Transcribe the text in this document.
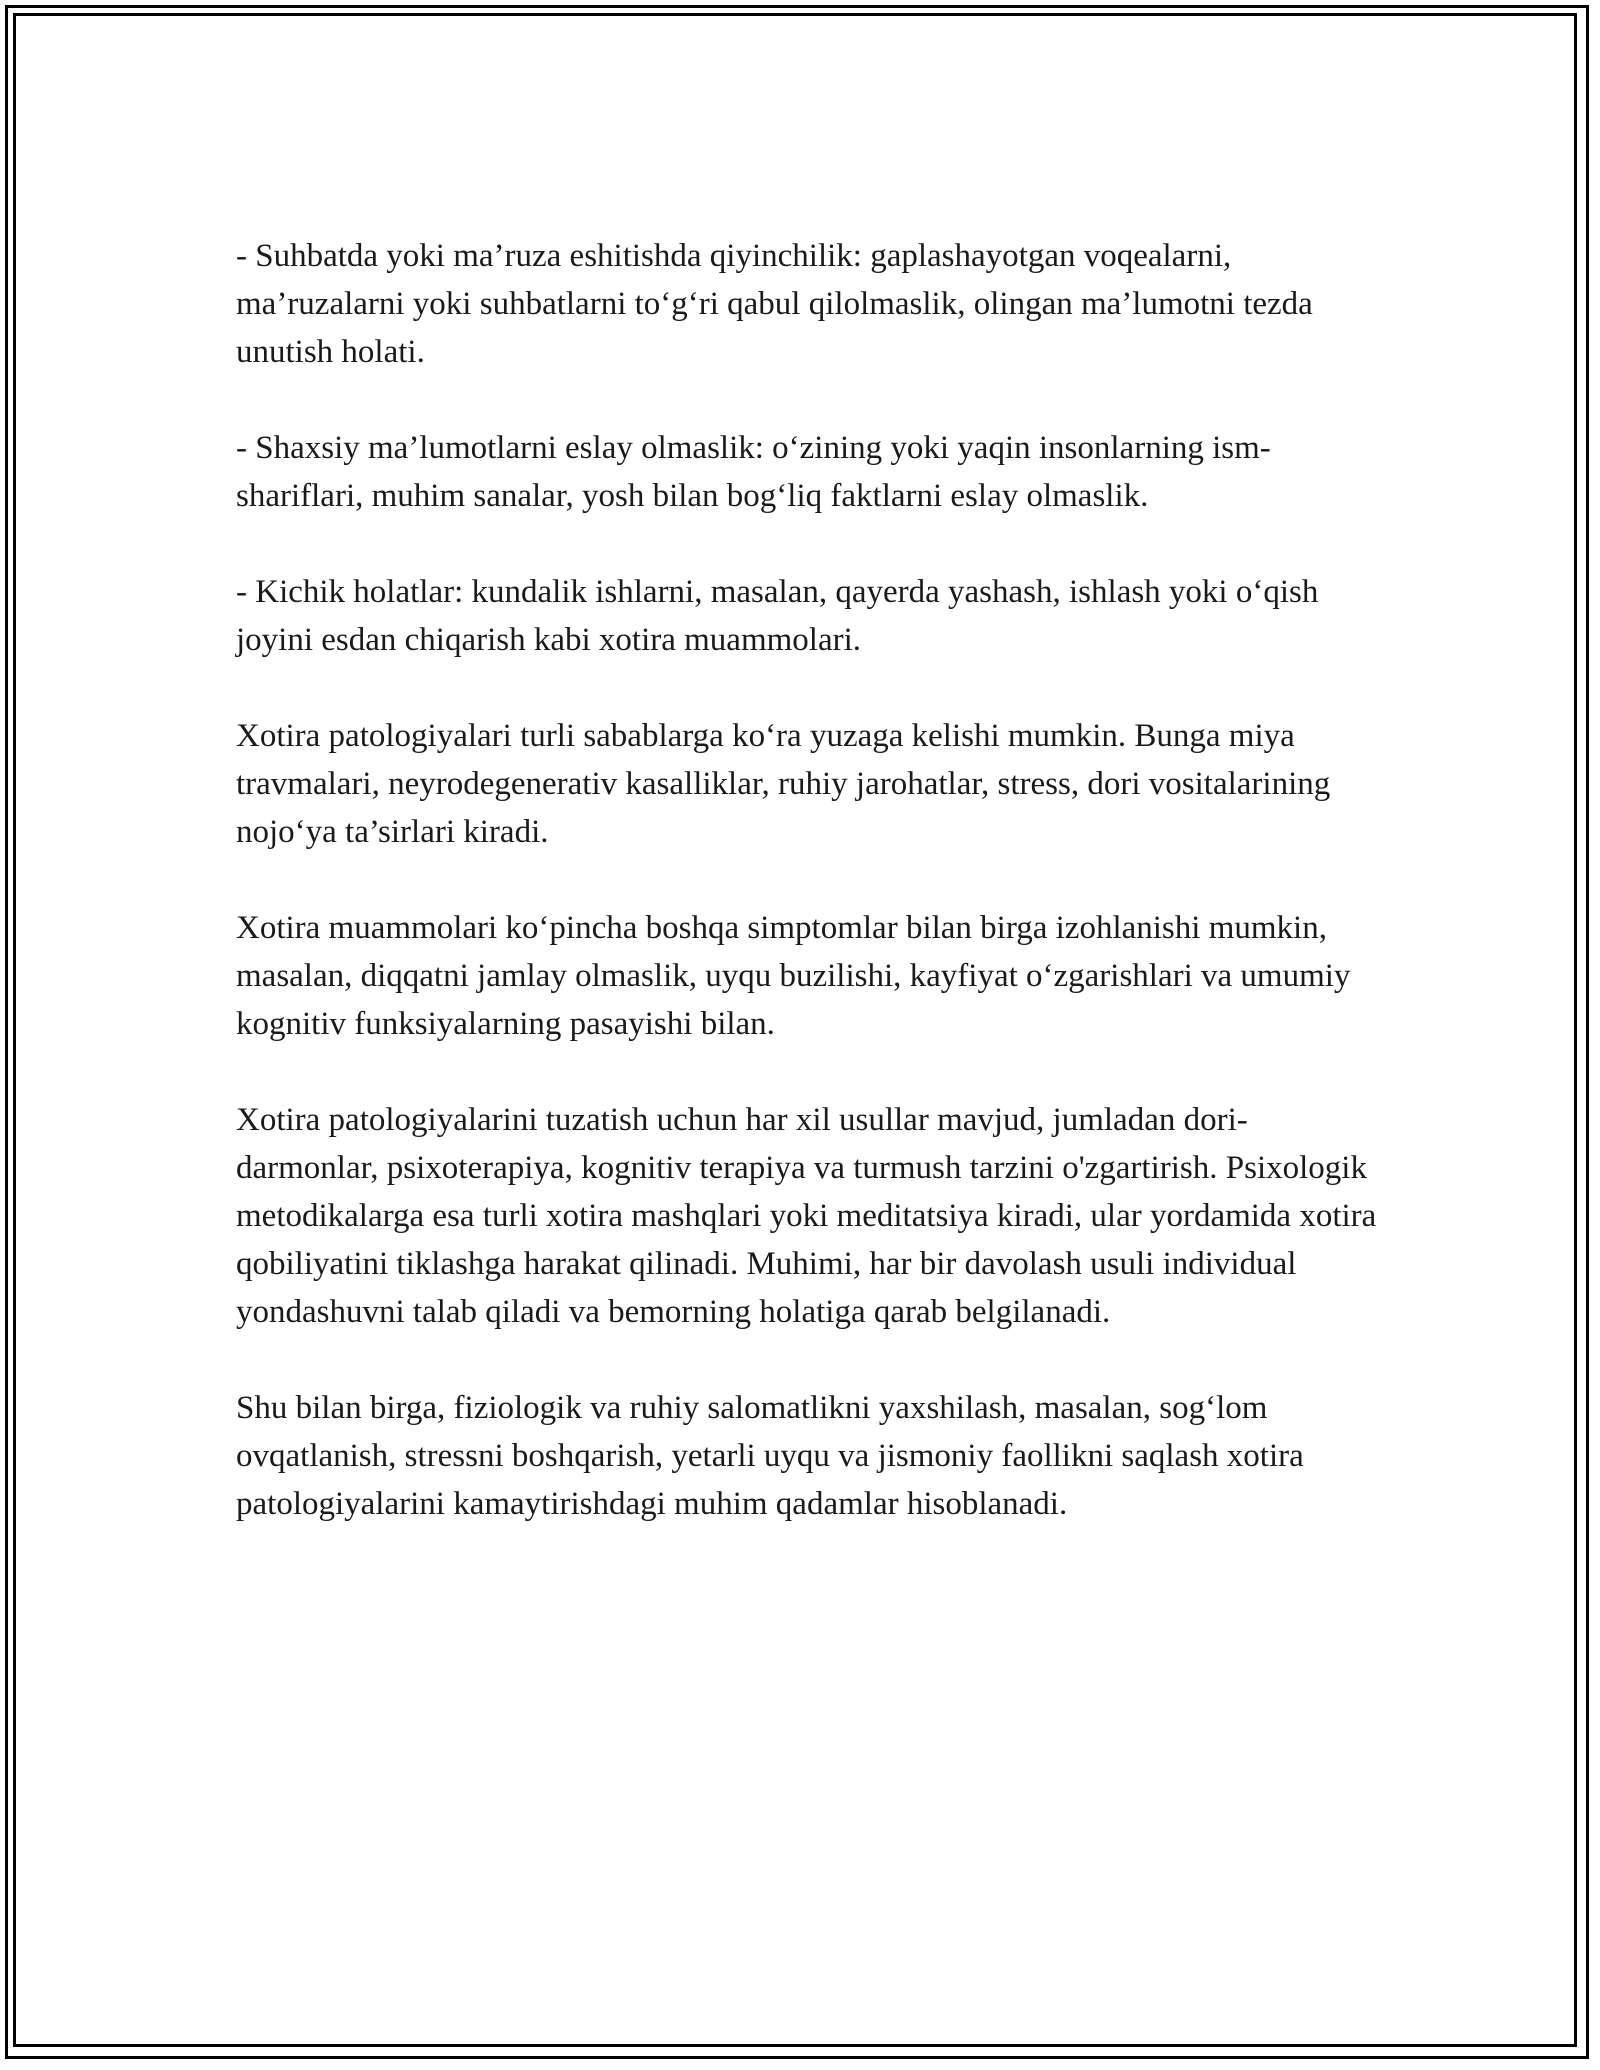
- Suhbatda yoki ma’ruza eshitishda qiyinchilik: gaplashayotgan voqealarni, ma’ruzalarni yoki suhbatlarni to‘g‘ri qabul qilolmaslik, olingan ma’lumotni tezda unutish holati.

- Shaxsiy ma’lumotlarni eslay olmaslik: o‘zining yoki yaqin insonlarning ism-shariflari, muhim sanalar, yosh bilan bog‘liq faktlarni eslay olmaslik.

- Kichik holatlar: kundalik ishlarni, masalan, qayerda yashash, ishlash yoki o‘qish joyini esdan chiqarish kabi xotira muammolari.

Xotira patologiyalari turli sabablarga ko‘ra yuzaga kelishi mumkin. Bunga miya travmalari, neyrodegenerativ kasalliklar, ruhiy jarohatlar, stress, dori vositalarining nojo‘ya ta’sirlari kiradi.

Xotira muammolari ko‘pincha boshqa simptomlar bilan birga izohlanishi mumkin, masalan, diqqatni jamlay olmaslik, uyqu buzilishi, kayfiyat o‘zgarishlari va umumiy kognitiv funksiyalarning pasayishi bilan.

Xotira patologiyalarini tuzatish uchun har xil usullar mavjud, jumladan dori-darmonlar, psixoterapiya, kognitiv terapiya va turmush tarzini o'zgartirish. Psixologik metodikalarga esa turli xotira mashqlari yoki meditatsiya kiradi, ular yordamida xotira qobiliyatini tiklashga harakat qilinadi. Muhimi, har bir davolash usuli individual yondashuvni talab qiladi va bemorning holatiga qarab belgilanadi.

Shu bilan birga, fiziologik va ruhiy salomatlikni yaxshilash, masalan, sog‘lom ovqatlanish, stressni boshqarish, yetarli uyqu va jismoniy faollikni saqlash xotira patologiyalarini kamaytirishdagi muhim qadamlar hisoblanadi.
